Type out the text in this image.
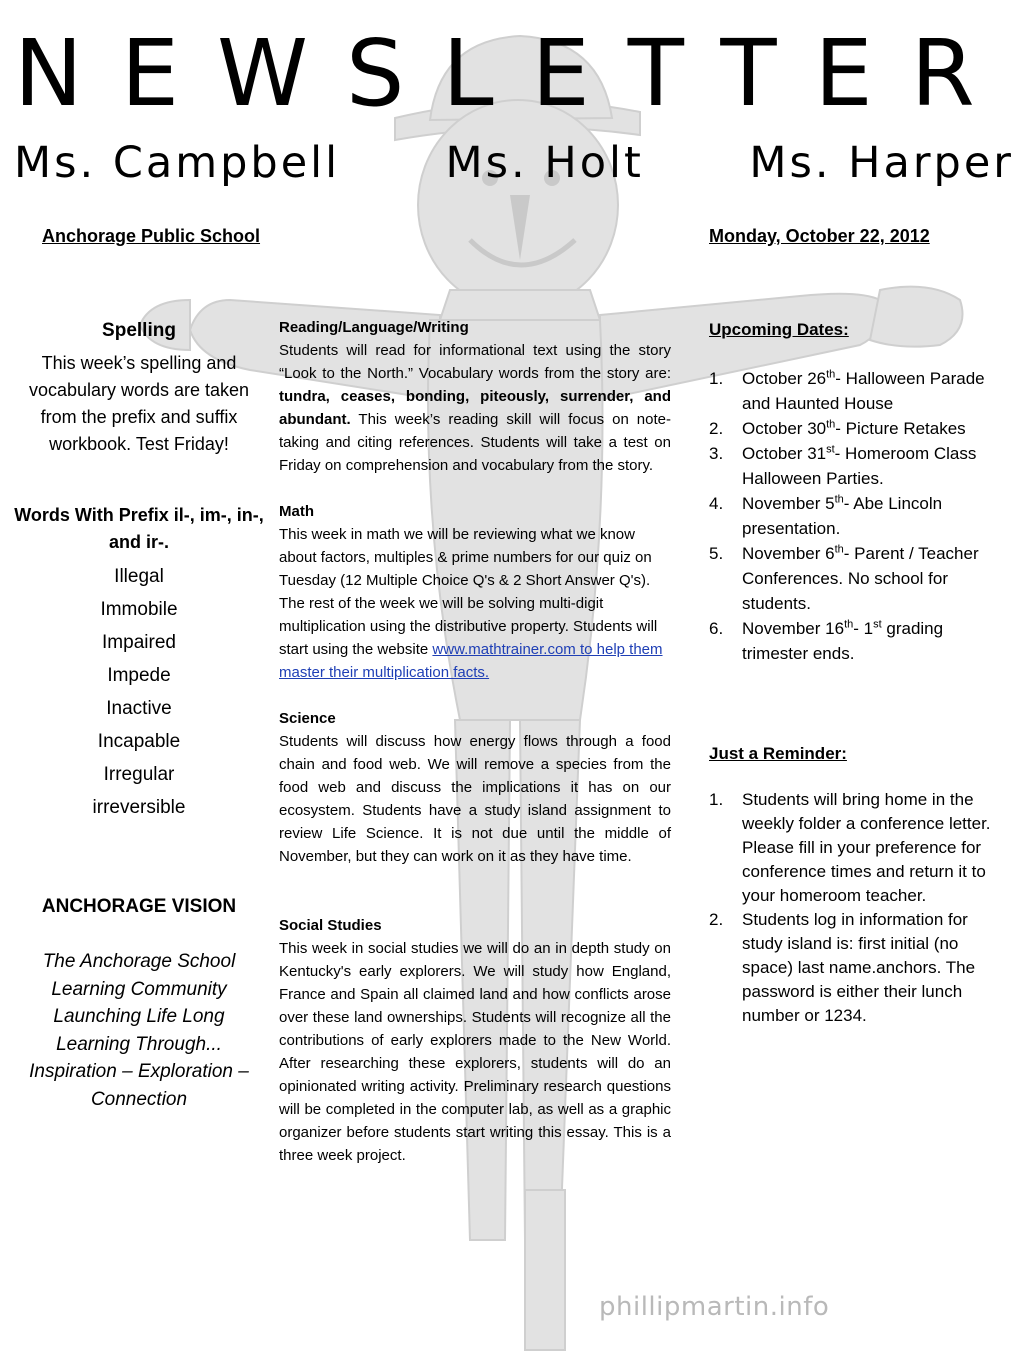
NEWSLETTER
Ms. Campbell Ms. Holt Ms. Harper
Anchorage Public School	Monday, October 22, 2012
Spelling

This week’s spelling and vocabulary words are taken from the prefix and suffix workbook. Test Friday!

Words With Prefix il-, im-, in-, and ir-.
Illegal
Immobile
Impaired
Impede
Inactive
Incapable
Irregular
irreversible
ANCHORAGE VISION
The Anchorage School
Learning Community
Launching Life Long
Learning Through...
Inspiration – Exploration –
Connection
Reading/Language/Writing

Students will read for informational text using the story “Look to the North.” Vocabulary words from the story are: tundra, ceases, bonding, piteously, surrender, and abundant. This week’s reading skill will focus on note-taking and citing references. Students will take a test on Friday on comprehension and vocabulary from the story.

Math

This week in math we will be reviewing what we know about factors, multiples & prime numbers for our quiz on Tuesday (12 Multiple Choice Q's & 2 Short Answer Q's). The rest of the week we will be solving multi-digit multiplication using the distributive property. Students will start using the website www.mathtrainer.com to help them master their multiplication facts.

Science

Students will discuss how energy flows through a food chain and food web. We will remove a species from the food web and discuss the implications it has on our ecosystem. Students have a study island assignment to review Life Science. It is not due until the middle of November, but they can work on it as they have time.

Social Studies

This week in social studies we will do an in depth study on Kentucky's early explorers. We will study how England, France and Spain all claimed land and how conflicts arose over these land ownerships. Students will recognize all the contributions of early explorers made to the New World. After researching these explorers, students will do an opinionated writing activity. Preliminary research questions will be completed in the computer lab, as well as a graphic organizer before students start writing this essay. This is a three week project.

Upcoming Dates:
1. October 26th- Halloween Parade and Haunted House
2. October 30th- Picture Retakes
3. October 31st- Homeroom Class Halloween Parties.
4. November 5th- Abe Lincoln presentation.
5. November 6th- Parent / Teacher Conferences. No school for students.
6. November 16th- 1st grading trimester ends.
Just a Reminder:
1. Students will bring home in the weekly folder a conference letter. Please fill in your preference for conference times and return it to your homeroom teacher.
2. Students log in information for study island is: first initial (no space) last name.anchors. The password is either their lunch number or 1234.
phillipmartin.info
